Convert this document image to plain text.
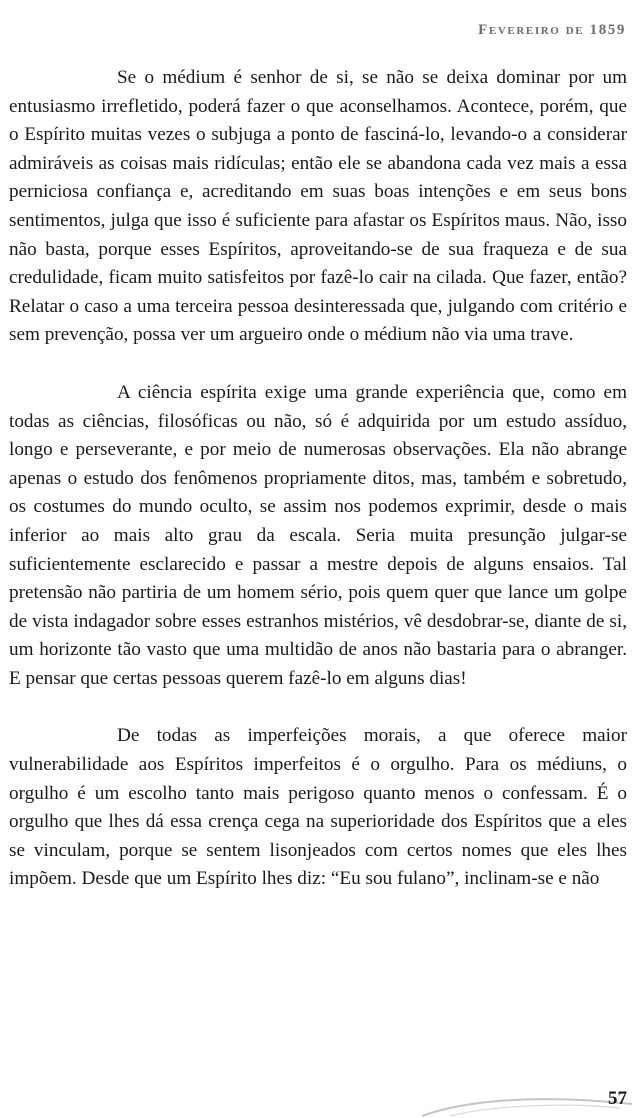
Fevereiro de 1859

Se o médium é senhor de si, se não se deixa dominar por um entusiasmo irrefletido, poderá fazer o que aconselhamos. Acontece, porém, que o Espírito muitas vezes o subjuga a ponto de fasciná-lo, levando-o a considerar admiráveis as coisas mais ridículas; então ele se abandona cada vez mais a essa perniciosa confiança e, acreditando em suas boas intenções e em seus bons sentimentos, julga que isso é suficiente para afastar os Espíritos maus. Não, isso não basta, porque esses Espíritos, aproveitando-se de sua fraqueza e de sua credulidade, ficam muito satisfeitos por fazê-lo cair na cilada. Que fazer, então? Relatar o caso a uma terceira pessoa desinteressada que, julgando com critério e sem prevenção, possa ver um argueiro onde o médium não via uma trave.

A ciência espírita exige uma grande experiência que, como em todas as ciências, filosóficas ou não, só é adquirida por um estudo assíduo, longo e perseverante, e por meio de numerosas observações. Ela não abrange apenas o estudo dos fenômenos propriamente ditos, mas, também e sobretudo, os costumes do mundo oculto, se assim nos podemos exprimir, desde o mais inferior ao mais alto grau da escala. Seria muita presunção julgar-se suficientemente esclarecido e passar a mestre depois de alguns ensaios. Tal pretensão não partiria de um homem sério, pois quem quer que lance um golpe de vista indagador sobre esses estranhos mistérios, vê desdobrar-se, diante de si, um horizonte tão vasto que uma multidão de anos não bastaria para o abranger. E pensar que certas pessoas querem fazê-lo em alguns dias!

De todas as imperfeições morais, a que oferece maior vulnerabilidade aos Espíritos imperfeitos é o orgulho. Para os médiuns, o orgulho é um escolho tanto mais perigoso quanto menos o confessam. É o orgulho que lhes dá essa crença cega na superioridade dos Espíritos que a eles se vinculam, porque se sentem lisonjeados com certos nomes que eles lhes impõem. Desde que um Espírito lhes diz: “Eu sou fulano”, inclinam-se e não

57
